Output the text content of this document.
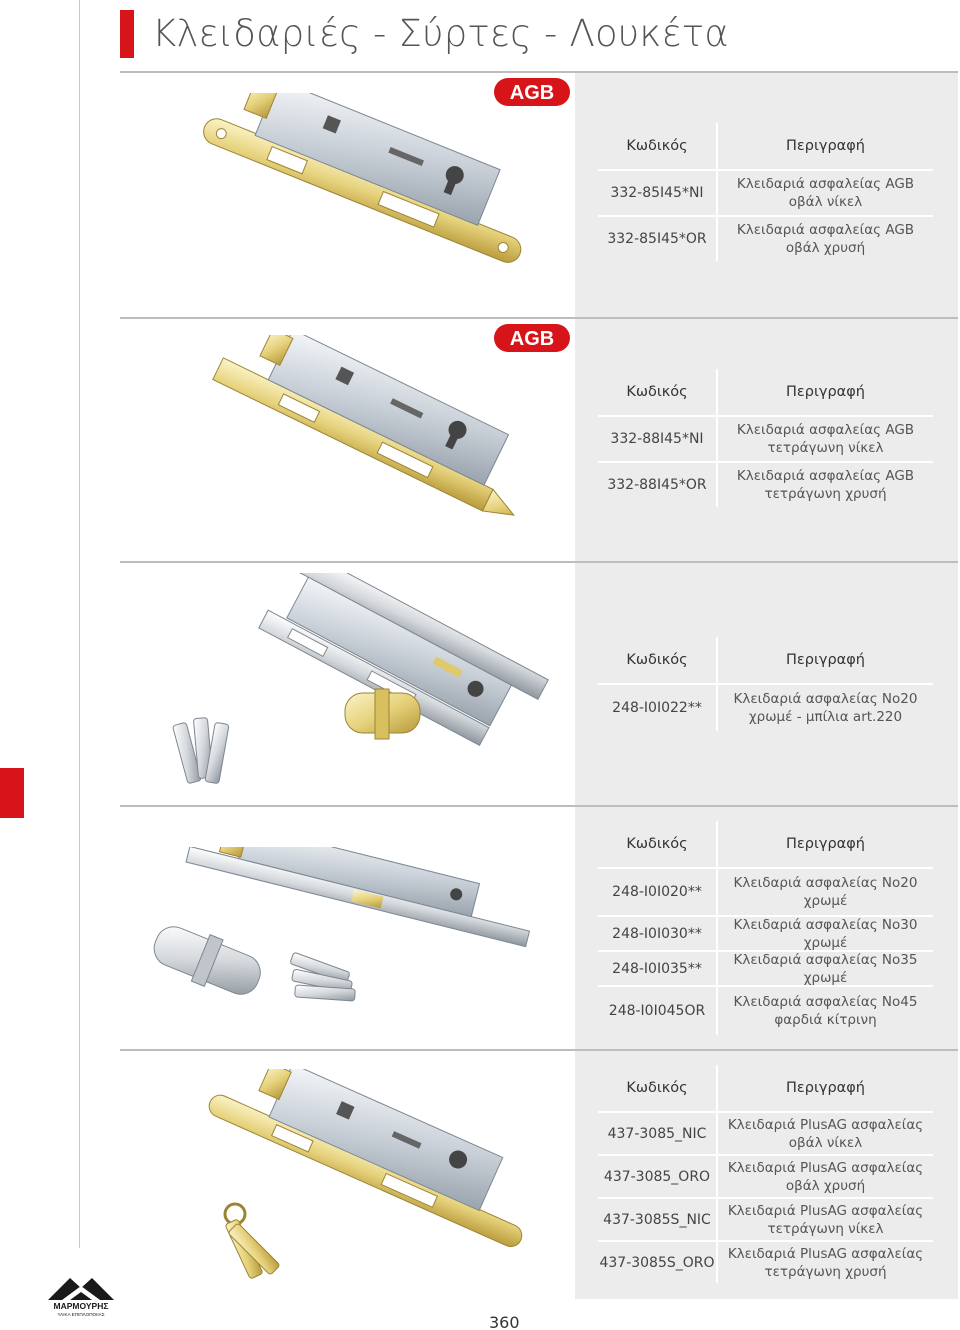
Κλειδαριές - Σύρτες - Λουκέτα
AGB
Κωδικός	Περιγραφή
332-85I45*NI
Κλειδαριά ασφαλείας AGB οβάλ νίκελ
332-85I45*OR
Κλειδαριά ασφαλείας AGB οβάλ χρυσή
AGB
Κωδικός	Περιγραφή
332-88I45*NI
Κλειδαριά ασφαλείας AGB τετράγωνη νίκελ
332-88I45*OR
Κλειδαριά ασφαλείας AGB τετράγωνη χρυσή
Κωδικός	Περιγραφή
248-I0I022**
Κλειδαριά ασφαλείας Νο20 χρωμέ - μπίλια art.220
Κωδικός	Περιγραφή
248-I0I020**
Κλειδαριά ασφαλείας Νο20 χρωμέ
248-I0I030**
Κλειδαριά ασφαλείας Νο30 χρωμέ
248-I0I035**
Κλειδαριά ασφαλείας Νο35 χρωμέ
248-I0I045OR
Κλειδαριά ασφαλείας Νο45 φαρδιά κίτρινη
Κωδικός	Περιγραφή
437-3085_NIC
Κλειδαριά PlusAG ασφαλείας οβάλ νίκελ
437-3085_ORO
Κλειδαριά PlusAG ασφαλείας οβάλ χρυσή
437-3085S_NIC
Κλειδαριά PlusAG ασφαλείας τετράγωνη νίκελ
437-3085S_ORO
Κλειδαριά PlusAG ασφαλείας τετράγωνη χρυσή
ΜΑΡΜΟΥΡΗΣ
ΥΛΙΚΑ ΕΠΙΠΛΟΠΟΙΙΑΣ	360
